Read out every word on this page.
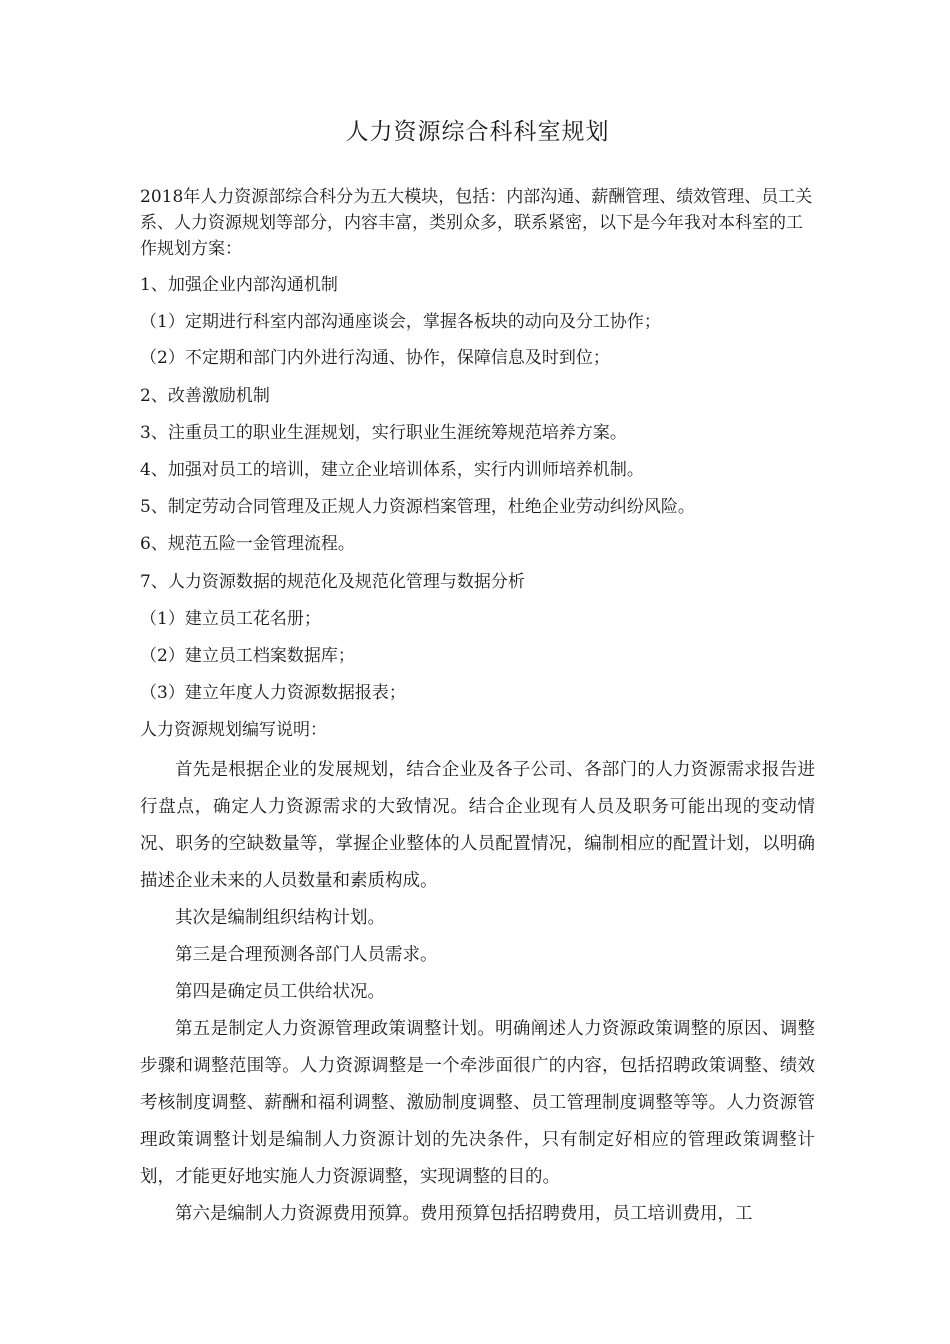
人力资源综合科科室规划
2018年人力资源部综合科分为五大模块，包括：内部沟通、薪酬管理、绩效管理、员工关系、人力资源规划等部分，内容丰富，类别众多，联系紧密，以下是今年我对本科室的工作规划方案：
1、加强企业内部沟通机制
（1）定期进行科室内部沟通座谈会，掌握各板块的动向及分工协作；
（2）不定期和部门内外进行沟通、协作，保障信息及时到位；
2、改善激励机制
3、注重员工的职业生涯规划，实行职业生涯统筹规范培养方案。
4、加强对员工的培训，建立企业培训体系，实行内训师培养机制。
5、制定劳动合同管理及正规人力资源档案管理，杜绝企业劳动纠纷风险。
6、规范五险一金管理流程。
7、人力资源数据的规范化及规范化管理与数据分析
（1）建立员工花名册；
（2）建立员工档案数据库；
（3）建立年度人力资源数据报表；
人力资源规划编写说明：
首先是根据企业的发展规划，结合企业及各子公司、各部门的人力资源需求报告进行盘点，确定人力资源需求的大致情况。结合企业现有人员及职务可能出现的变动情况、职务的空缺数量等，掌握企业整体的人员配置情况，编制相应的配置计划，以明确描述企业未来的人员数量和素质构成。
其次是编制组织结构计划。
第三是合理预测各部门人员需求。
第四是确定员工供给状况。
第五是制定人力资源管理政策调整计划。明确阐述人力资源政策调整的原因、调整步骤和调整范围等。人力资源调整是一个牵涉面很广的内容，包括招聘政策调整、绩效考核制度调整、薪酬和福利调整、激励制度调整、员工管理制度调整等等。人力资源管理政策调整计划是编制人力资源计划的先决条件，只有制定好相应的管理政策调整计划，才能更好地实施人力资源调整，实现调整的目的。
第六是编制人力资源费用预算。费用预算包括招聘费用，员工培训费用，工
